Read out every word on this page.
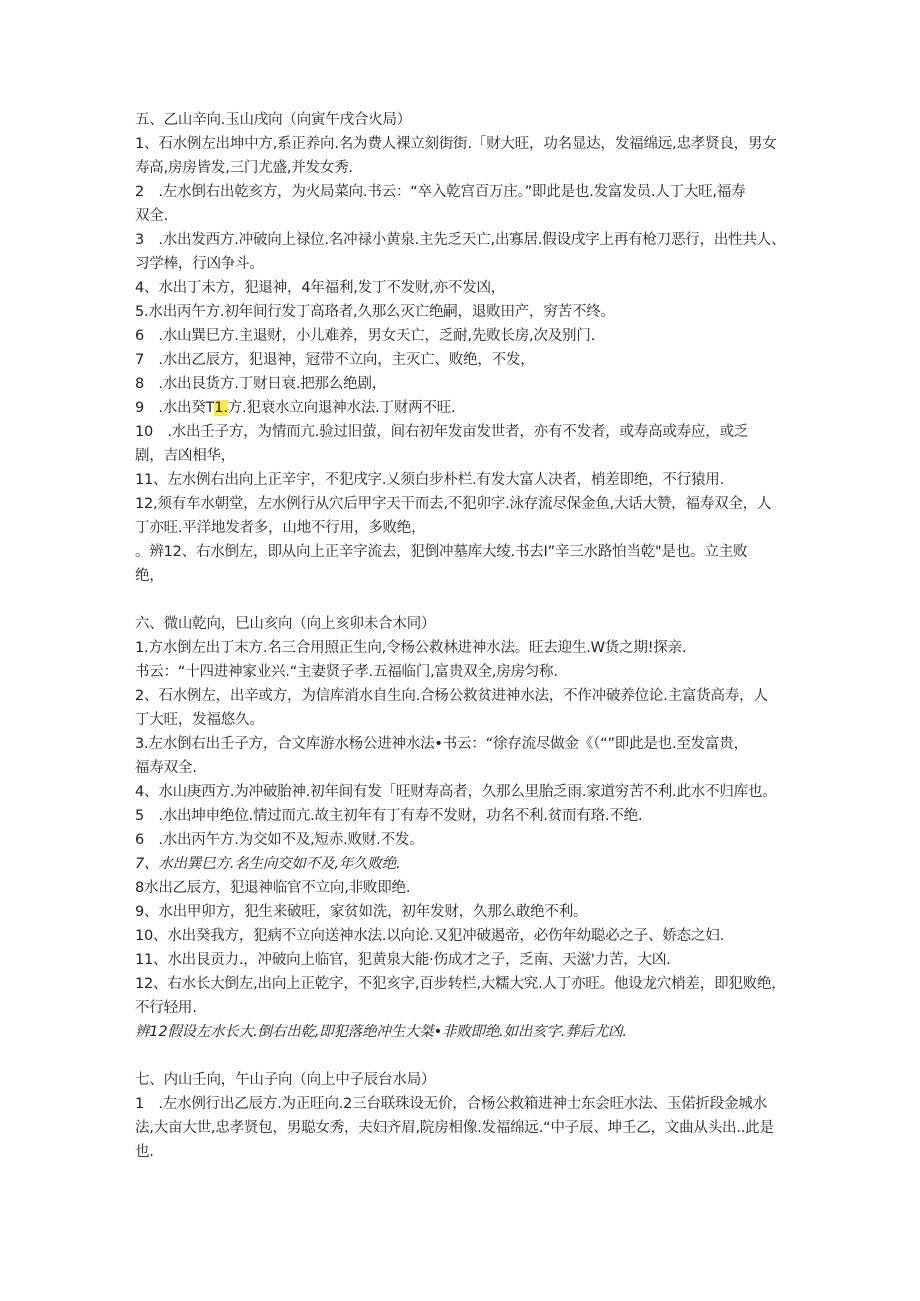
五、乙山辛向.玉山戌向（向寅午戌合火局）
1、石水例左出坤中方,系正养向.名为费人裸立刻街街.「财大旺，功名显达，发福绵远,忠孝贤良，男女
寿高,房房皆发,三门尤盛,并发女秀.
2　.左水倒右出乾亥方，为火局菜向.书云：“卒入乾宫百万庄。”即此是也.发富发员.人丁大旺,福寿
双全.
3　.水出发西方.冲破向上禄位.名冲禄小黄泉.主先乏天亡,出寡居.假设戌字上再有枪刀恶行，出性共人、
习学棒，行凶争斗。
4、水出丁未方，犯退神，4年福利,发丁不发财,亦不发凶，
5.水出丙午方.初年间行发丁高珞者,久那么灭亡绝嗣，退败田产，穷苦不终。
6　.水山巽巳方.主退财，小儿难养，男女天亡，乏耐,先败长房,次及别门.
7　.水出乙辰方，犯退神，冠带不立向，主灭亡、败绝，不发，
8　.水出艮货方.丁财日衰.把那么绝剧，
9　.水出癸T1.方.犯衰水立向退神水法.丁财两不旺.
10　.水出壬子方，为情而亢.验过旧萤，间右初年发亩发世者，亦有不发者，或寿高或寿应，或乏
剧，吉凶相华，
11、左水例右出向上正辛宇，不犯戌字.乂须白步朴栏.有发大富人决者，梢差即绝，不行猿用.
12,须有车水朝堂，左水例行从穴后甲字天干而去,不犯卯字.泳存流尽保金鱼,大话大赞，福寿双全，人
丁亦旺.平洋地发者多，山地不行用，多败绝，
。辨12、右水倒左，即从向上正辛字流去，犯倒冲墓库大绫.书去I”辛三水路怕当乾"是也。立主败
绝，
六、微山乾向，巳山亥向（向上亥卯未合木同）
1.方水倒左出丁末方.名三合用照正生向,令杨公救林进神水法。旺去迎生.W货之期!探亲.
书云：“十四进神家业兴.“主妻贤子孝.五福临门,富贵双全,房房匀称.
2、石水例左，出辛或方，为信库消水自生向.合杨公救贫进神水法，不作冲破养位论.主富货高寿，人
丁大旺，发福悠久。
3.左水倒右出壬子方，合文库游水杨公进神水法•书云：“徐存流尽做金《（“”即此是也.至发富贵，
福寿双全.
4、水山庚西方.为冲破胎神.初年间有发「旺财寿高者，久那么里胎乏雨.家道穷苦不利.此水不归库也。
5　.水出坤申绝位.情过而亢.故主初年有丁有寿不发财，功名不利.贫而有珞.不绝.
6　.水出丙午方.为交如不及,短赤.败财.不发。
7、水出巽巳方.名生向交如不及,年久败绝.
8水出乙辰方，犯退神临官不立向,非败即绝.
9、水出甲卯方，犯生来破旺，家贫如洗，初年发财，久那么敢绝不利。
10、水出癸我方，犯病不立向送神水法.以向论.又犯冲破遏帝，必伤年幼聪必之子、娇态之妇.
11、水出艮贡力.，冲破向上临官，犯黄泉大能·伤成才之子，乏南、天滋'力苦，大凶.
12、右水长大倒左,出向上正乾字，不犯亥字,百步转栏,大糯大究.人丁亦旺。他设龙穴梢差，即犯败绝，
不行轻用.
辨12假设左水长大.倒右出乾,即犯落绝冲生大桀•非败即绝.如出亥字.葬后尤凶.
七、内山壬向，午山子向（向上中子辰台水局）
1　.左水例行出乙辰方.为正旺向.2三台联珠设无价，合杨公救箱进神士东会旺水法、玉偌折段金城水
法,大亩大世,忠孝贤包，男聪女秀，夫妇齐眉,院房相像.发福绵远.“中子辰、坤壬乙，文曲从头出..此是
也.
